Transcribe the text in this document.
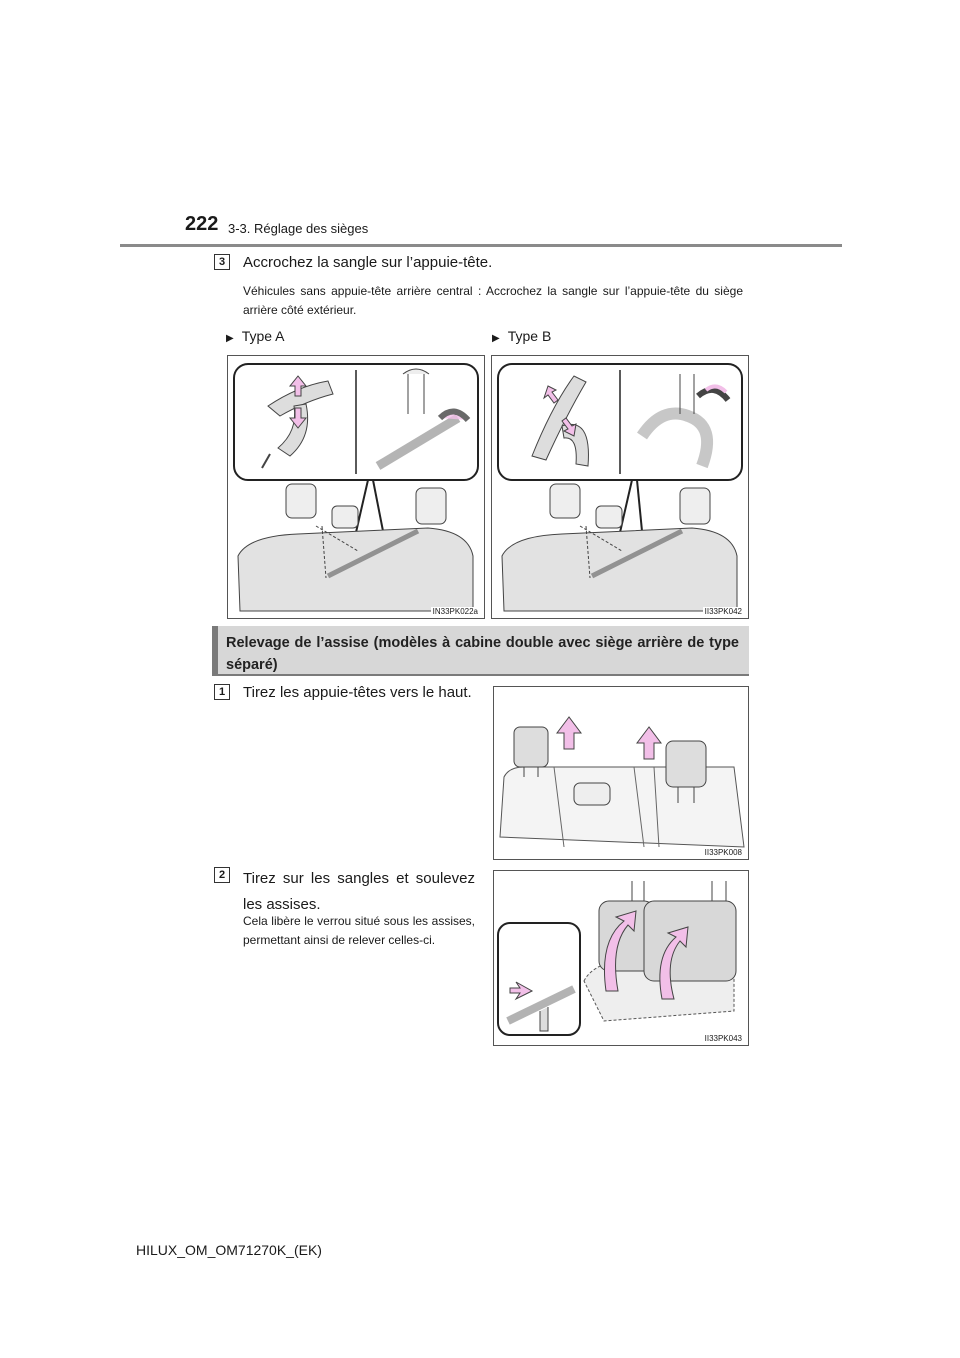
222 3-3. Réglage des sièges
3	Accrochez la sangle sur l’appuie-tête.
Véhicules sans appuie-tête arrière central : Accrochez la sangle sur l’appuie-tête du siège arrière côté extérieur.
▶ Type A	▶ Type B
IN33PK022a	II33PK042
Relevage de l’assise (modèles à cabine double avec siège arrière de type séparé)
1	Tirez les appuie-têtes vers le haut.
II33PK008
2	Tirez sur les sangles et soulevez les assises.
Cela libère le verrou situé sous les assises, permettant ainsi de relever celles-ci.
II33PK043
HILUX_OM_OM71270K_(EK)
